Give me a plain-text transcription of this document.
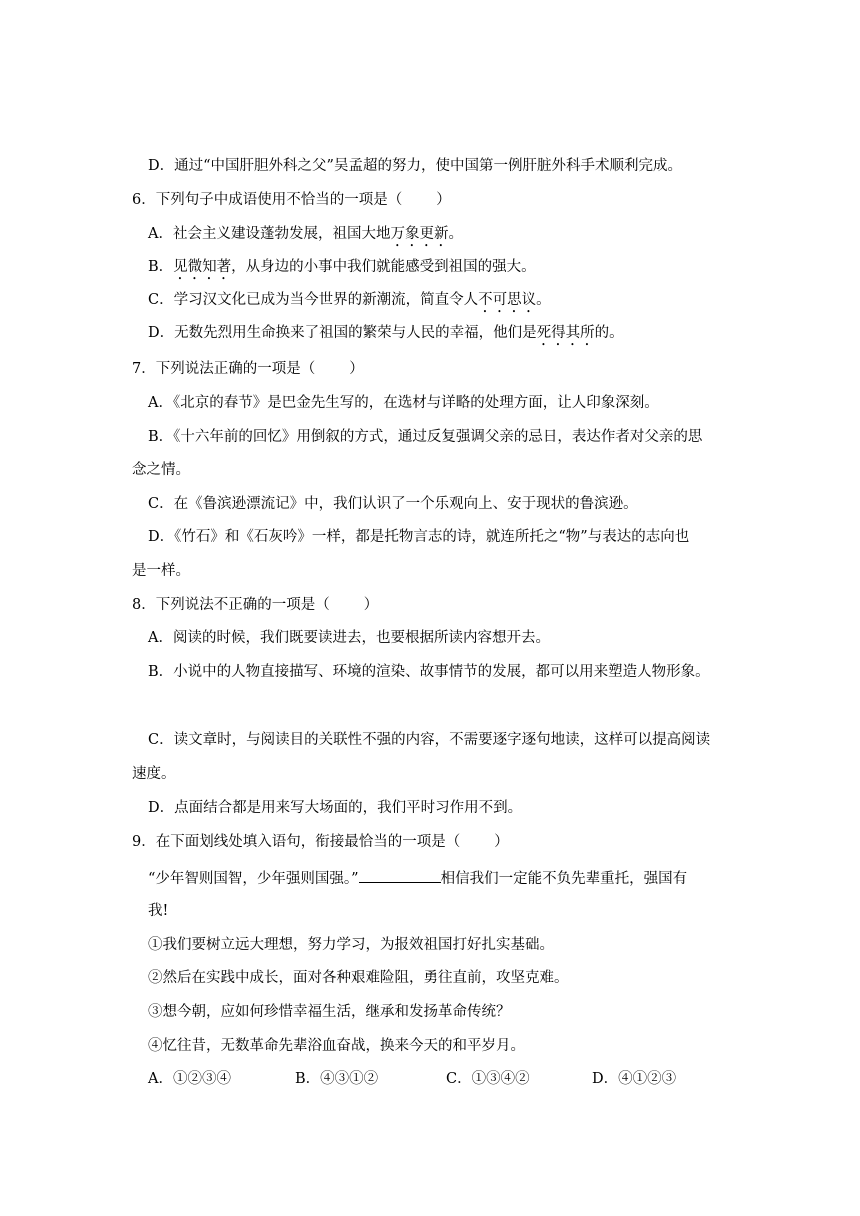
D．通过“中国肝胆外科之父”吴孟超的努力，使中国第一例肝脏外科手术顺利完成。
6．下列句子中成语使用不恰当的一项是（ ）
A．社会主义建设蓬勃发展，祖国大地万象更新。
B．见微知著，从身边的小事中我们就能感受到祖国的强大。
C．学习汉文化已成为当今世界的新潮流，简直令人不可思议。
D．无数先烈用生命换来了祖国的繁荣与人民的幸福，他们是死得其所的。
7．下列说法正确的一项是（ ）
A．《北京的春节》是巴金先生写的，在选材与详略的处理方面，让人印象深刻。
B．《十六年前的回忆》用倒叙的方式，通过反复强调父亲的忌日，表达作者对父亲的思
念之情。
C．在《鲁滨逊漂流记》中，我们认识了一个乐观向上、安于现状的鲁滨逊。
D．《竹石》和《石灰吟》一样，都是托物言志的诗，就连所托之“物”与表达的志向也
是一样。
8．下列说法不正确的一项是（ ）
A．阅读的时候，我们既要读进去，也要根据所读内容想开去。
B．小说中的人物直接描写、环境的渲染、故事情节的发展，都可以用来塑造人物形象。
C．读文章时，与阅读目的关联性不强的内容，不需要逐字逐句地读，这样可以提高阅读
速度。
D．点面结合都是用来写大场面的，我们平时习作用不到。
9．在下面划线处填入语句，衔接最恰当的一项是（ ）
“少年智则国智，少年强则国强。”	相信我们一定能不负先辈重托，强国有
我!
①我们要树立远大理想，努力学习，为报效祖国打好扎实基础。
②然后在实践中成长，面对各种艰难险阻，勇往直前，攻坚克难。
③想今朝，应如何珍惜幸福生活，继承和发扬革命传统？
④忆往昔，无数革命先辈浴血奋战，换来今天的和平岁月。
A．①②③④	B．④③①②	C．①③④②	D．④①②③
